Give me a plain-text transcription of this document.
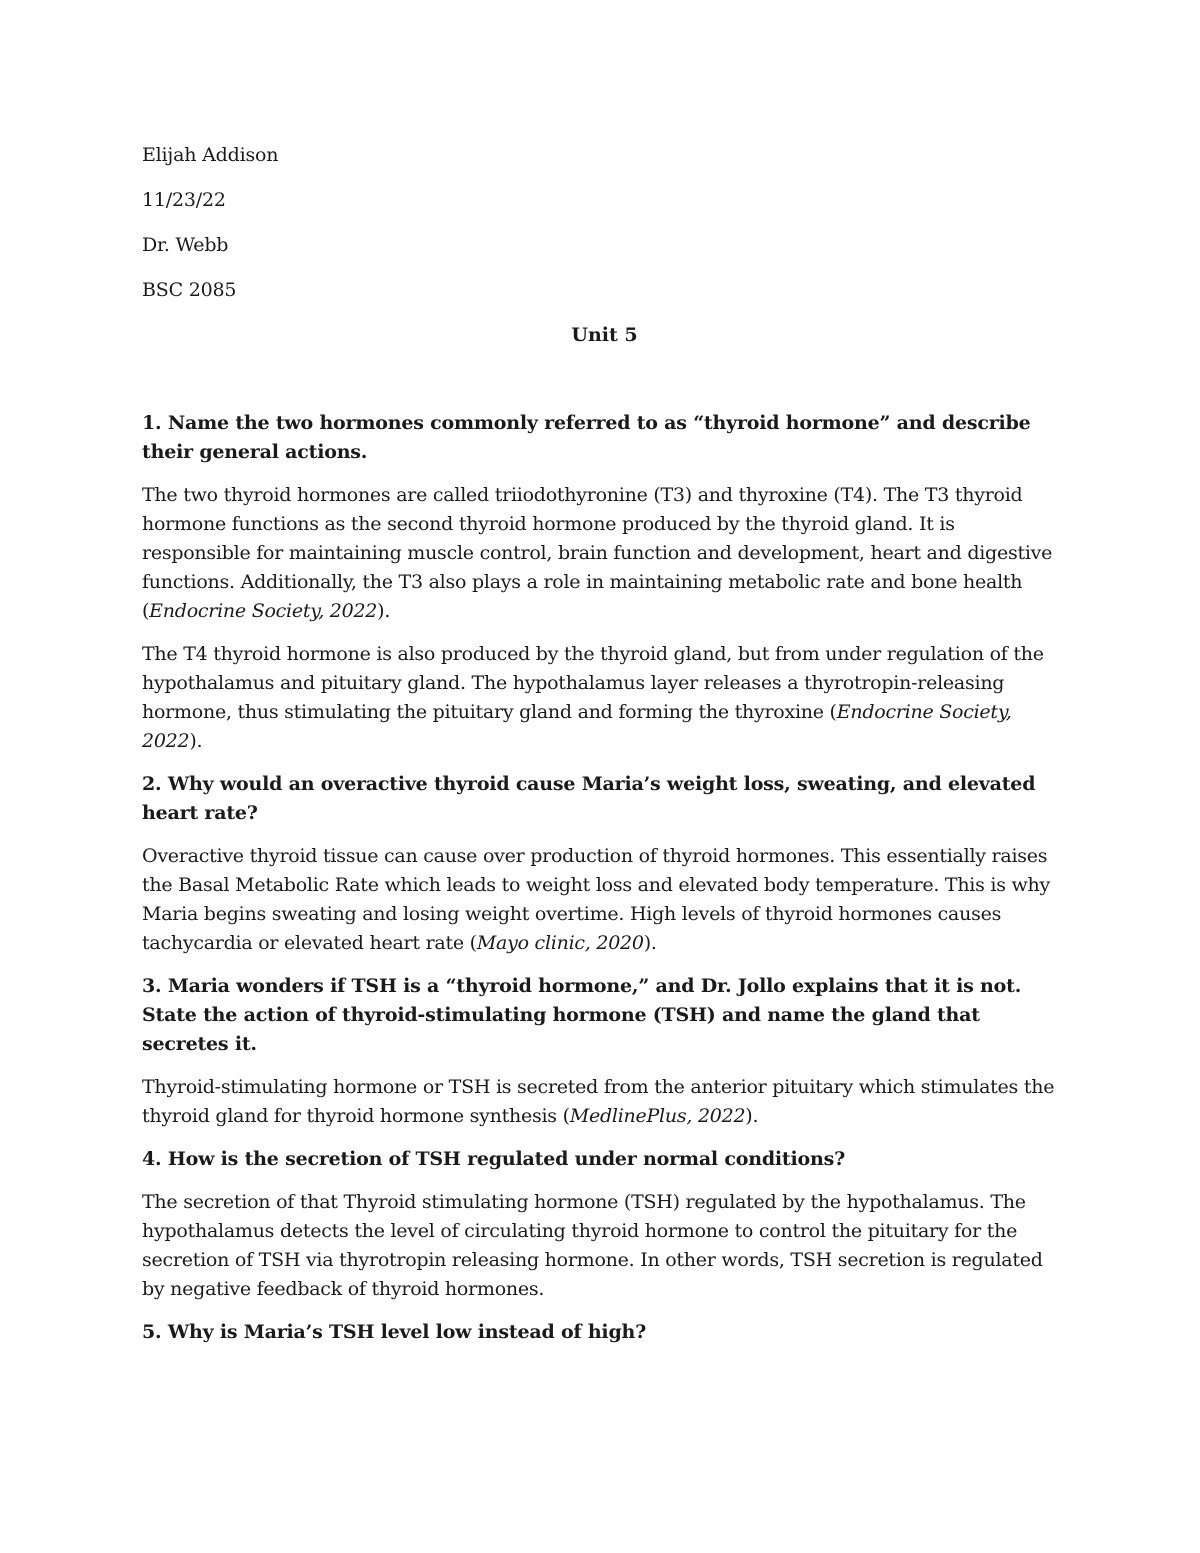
Elijah Addison

11/23/22

Dr. Webb

BSC 2085

Unit 5

1. Name the two hormones commonly referred to as “thyroid hormone” and describe their general actions.

The two thyroid hormones are called triiodothyronine (T3) and thyroxine (T4). The T3 thyroid hormone functions as the second thyroid hormone produced by the thyroid gland. It is responsible for maintaining muscle control, brain function and development, heart and digestive functions. Additionally, the T3 also plays a role in maintaining metabolic rate and bone health (Endocrine Society, 2022).

The T4 thyroid hormone is also produced by the thyroid gland, but from under regulation of the hypothalamus and pituitary gland. The hypothalamus layer releases a thyrotropin-releasing hormone, thus stimulating the pituitary gland and forming the thyroxine (Endocrine Society, 2022).

2. Why would an overactive thyroid cause Maria’s weight loss, sweating, and elevated heart rate?

Overactive thyroid tissue can cause over production of thyroid hormones. This essentially raises the Basal Metabolic Rate which leads to weight loss and elevated body temperature. This is why Maria begins sweating and losing weight overtime. High levels of thyroid hormones causes tachycardia or elevated heart rate (Mayo clinic, 2020).

3. Maria wonders if TSH is a “thyroid hormone,” and Dr. Jollo explains that it is not. State the action of thyroid-stimulating hormone (TSH) and name the gland that secretes it.

Thyroid-stimulating hormone or TSH is secreted from the anterior pituitary which stimulates the thyroid gland for thyroid hormone synthesis (MedlinePlus, 2022).

4. How is the secretion of TSH regulated under normal conditions?

The secretion of that Thyroid stimulating hormone (TSH) regulated by the hypothalamus. The hypothalamus detects the level of circulating thyroid hormone to control the pituitary for the secretion of TSH via thyrotropin releasing hormone. In other words, TSH secretion is regulated by negative feedback of thyroid hormones.

5. Why is Maria’s TSH level low instead of high?
